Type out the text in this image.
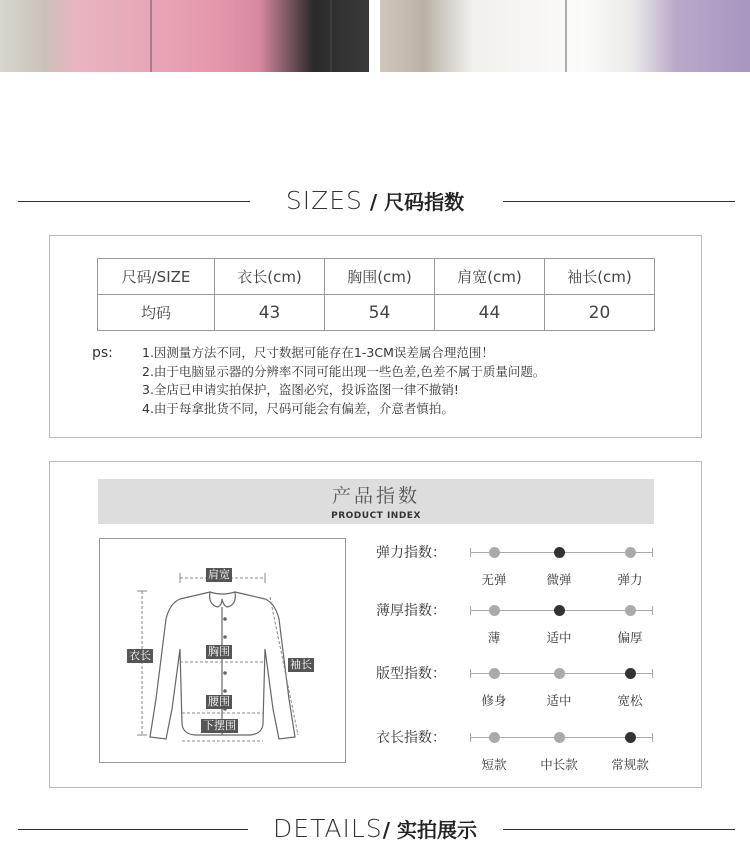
SIZES / 尺码指数
尺码/SIZE	衣长(cm)	胸围(cm)	肩宽(cm)	袖长(cm)
均码	43	54	44	20
ps: 1.因测量方法不同，尺寸数据可能存在1-3CM误差属合理范围！
2.由于电脑显示器的分辨率不同可能出现一些色差,色差不属于质量问题。
3.全店已申请实拍保护，盗图必究，投诉盗图一律不撤销!
4.由于每拿批货不同，尺码可能会有偏差，介意者慎拍。
产品指数
PRODUCT INDEX
肩宽
衣长	胸围
袖长
腰围
下摆围
弹力指数：
无弹	微弹	弹力
薄厚指数：
薄	适中	偏厚
版型指数：
修身	适中	宽松
衣长指数：
短款	中长款	常规款
DETAILS/ 实拍展示
